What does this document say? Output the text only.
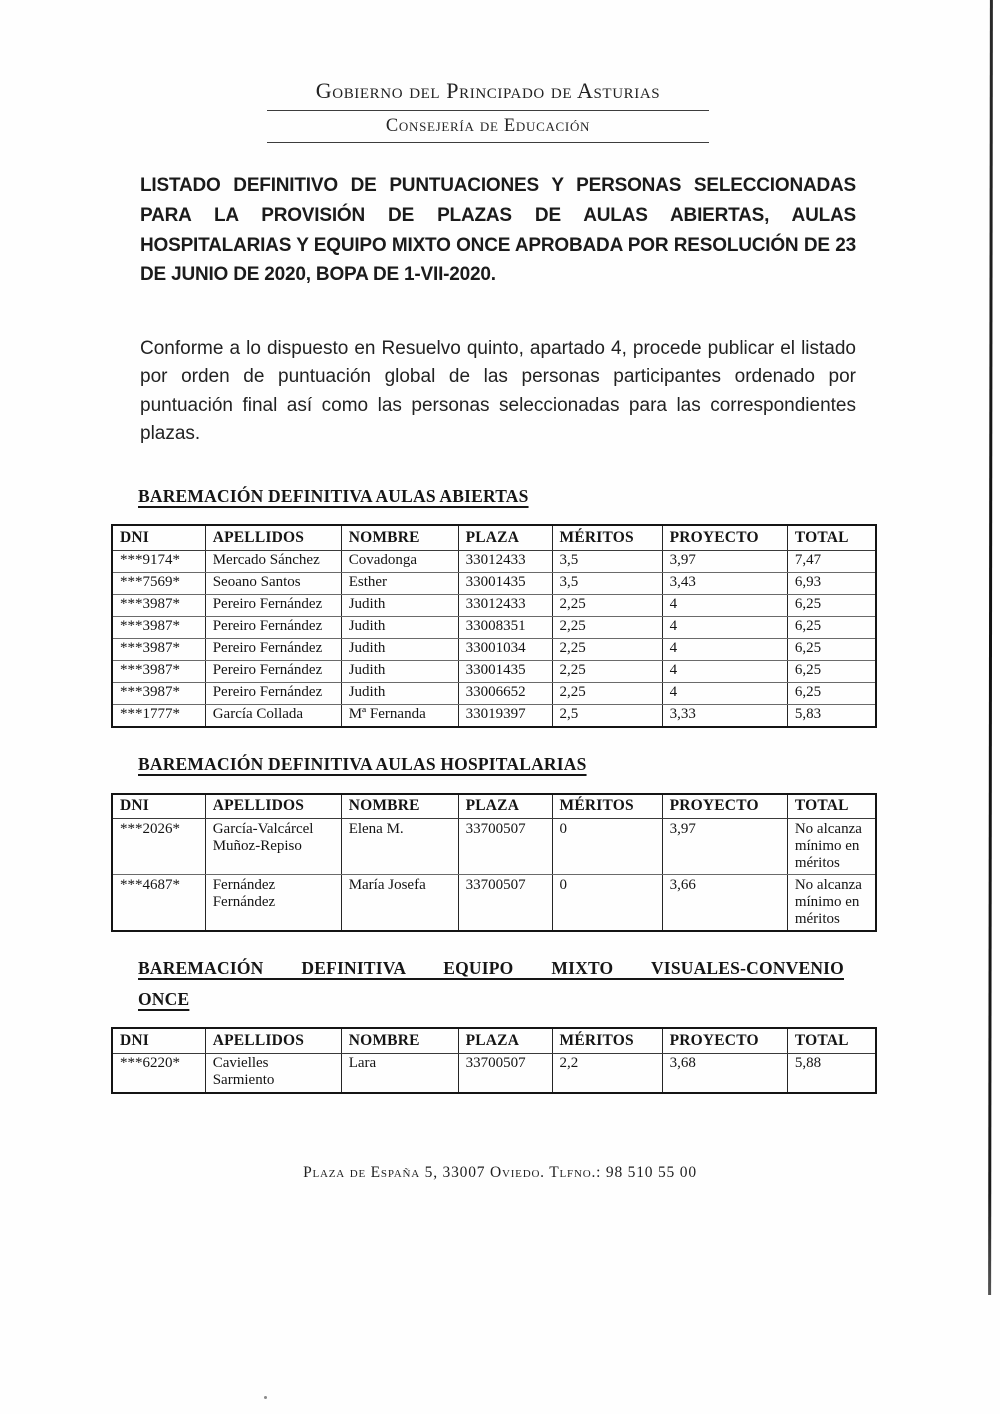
Gobierno del Principado de Asturias
Consejería de Educación

LISTADO DEFINITIVO DE PUNTUACIONES Y PERSONAS SELECCIONADAS PARA LA PROVISIÓN DE PLAZAS DE AULAS ABIERTAS, AULAS HOSPITALARIAS Y EQUIPO MIXTO ONCE APROBADA POR RESOLUCIÓN DE 23 DE JUNIO DE 2020, BOPA DE 1-VII-2020.

Conforme a lo dispuesto en Resuelvo quinto, apartado 4, procede publicar el listado por orden de puntuación global de las personas participantes ordenado por puntuación final así como las personas seleccionadas para las correspondientes plazas.

BAREMACIÓN DEFINITIVA AULAS ABIERTAS
DNI	APELLIDOS	NOMBRE	PLAZA	MÉRITOS	PROYECTO	TOTAL
***9174*	Mercado Sánchez	Covadonga	33012433	3,5	3,97	7,47
***7569*	Seoano Santos	Esther	33001435	3,5	3,43	6,93
***3987*	Pereiro Fernández	Judith	33012433	2,25	4	6,25
***3987*	Pereiro Fernández	Judith	33008351	2,25	4	6,25
***3987*	Pereiro Fernández	Judith	33001034	2,25	4	6,25
***3987*	Pereiro Fernández	Judith	33001435	2,25	4	6,25
***3987*	Pereiro Fernández	Judith	33006652	2,25	4	6,25
***1777*	García Collada	Mª Fernanda	33019397	2,5	3,33	5,83
BAREMACIÓN DEFINITIVA AULAS HOSPITALARIAS
DNI	APELLIDOS	NOMBRE	PLAZA	MÉRITOS	PROYECTO	TOTAL
***2026*	García-Valcárcel Muñoz-Repiso	Elena M.	33700507	0	3,97	No alcanza mínimo en méritos
***4687*	Fernández Fernández	María Josefa	33700507	0	3,66	No alcanza mínimo en méritos
BAREMACIÓN DEFINITIVA EQUIPO MIXTO VISUALES-CONVENIO
ONCE
DNI	APELLIDOS	NOMBRE	PLAZA	MÉRITOS	PROYECTO	TOTAL
***6220*	Cavielles Sarmiento	Lara	33700507	2,2	3,68	5,88
Plaza de España 5, 33007 Oviedo. Tlfno.: 98 510 55 00
